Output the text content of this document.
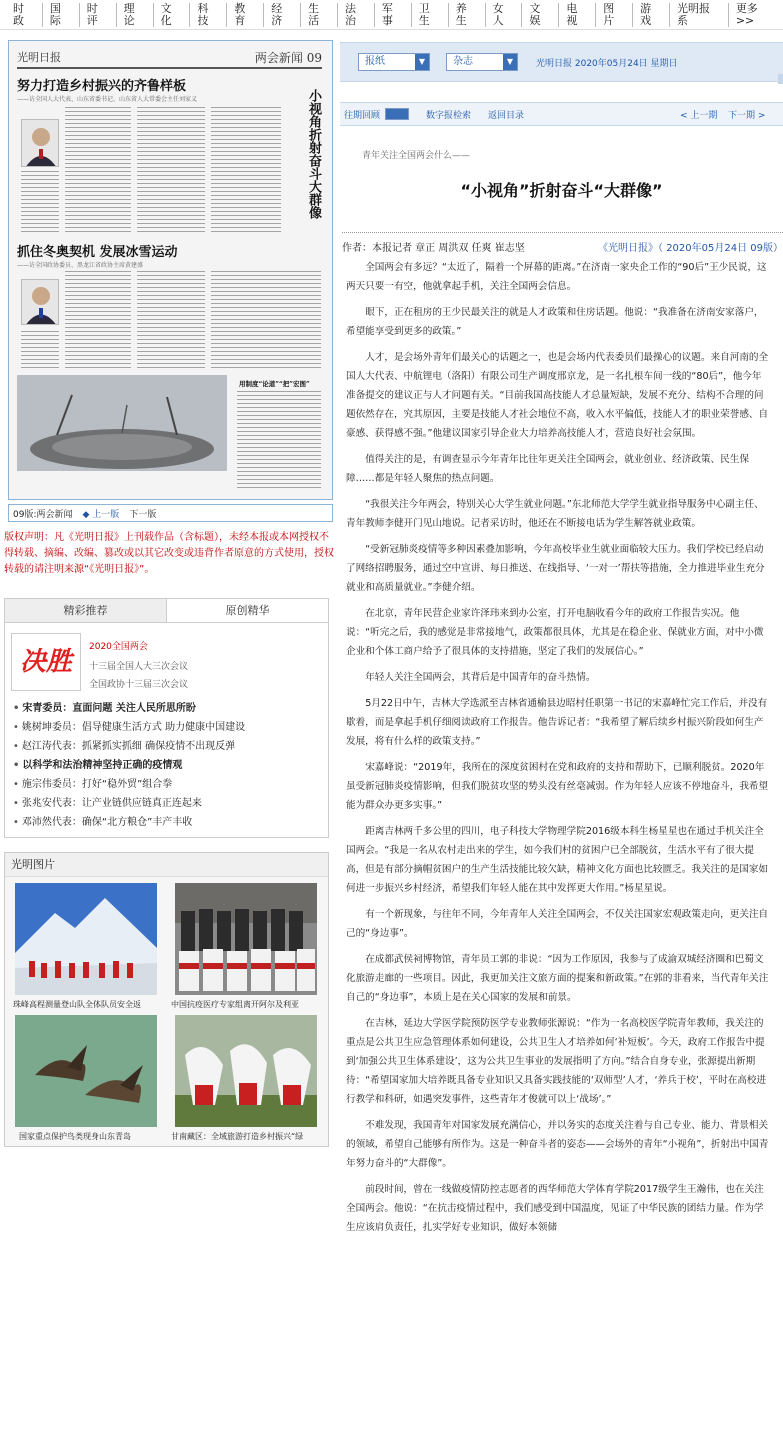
时政
国际
时评
理论
文化
科技
教育
经济
生活
法治
军事
卫生
养生
女人
文娱
电视
图片
游戏
光明报系
更多>>
光明日报	两会新闻 09
努力打造乡村振兴的齐鲁样板
——访全国人大代表、山东省委书记、山东省人大常委会主任刘家义	小视角折射奋斗大群像
抓住冬奥契机 发展冰雪运动
——访全国政协委员、黑龙江省政协主席黄建盛
用制度“论道”“把”宏图”
09版:两会新闻 ◆ 上一版 下一版
版权声明：凡《光明日报》上刊载作品（含标题），未经本报或本网授权不得转载、摘编、改编、篡改或以其它改变或违背作者原意的方式使用，授权转载的请注明来源“《光明日报》”。
精彩推荐	原创精华
决胜	2020全国两会
十三届全国人大三次会议
全国政协十三届三次会议
• 宋青委员：直面问题 关注人民所思所盼
• 姚树坤委员：倡导健康生活方式 助力健康中国建设
• 赵江涛代表：抓紧抓实抓细 确保疫情不出现反弹
• 以科学和法治精神坚持正确的疫情观
• 施宗伟委员：打好“稳外贸”组合拳
• 张兆安代表：让产业链供应链真正连起来
• 邓沛然代表：确保“北方粮仓”丰产丰收
光明图片
珠峰高程测量登山队全体队员安全返	中国抗疫医疗专家组离开阿尔及利亚
国家重点保护鸟类现身山东青岛	甘南藏区：全域旅游打造乡村振兴“绿
报纸	▼	杂志	▼	光明日报 2020年05月24日 星期日
往期回顾	数字报检索 返回目录	< 上一期 下一期 >
青年关注全国两会什么——
“小视角”折射奋斗“大群像”
作者：本报记者 章正 周洪双 任爽 崔志坚	《光明日报》（ 2020年05月24日 09版）

全国两会有多远？“太近了，隔着一个屏幕的距离。”在济南一家央企工作的“90后”王少民说，这两天只要一有空，他就拿起手机，关注全国两会信息。

眼下，正在租房的王少民最关注的就是人才政策和住房话题。他说：“我准备在济南安家落户，希望能享受到更多的政策。”

人才，是会场外青年们最关心的话题之一，也是会场内代表委员们最操心的议题。来自河南的全国人大代表、中航锂电（洛阳）有限公司生产调度邢京龙，是一名扎根车间一线的“80后”，他今年准备提交的建议正与人才问题有关。“目前我国高技能人才总量短缺，发展不充分、结构不合理的问题依然存在，究其原因，主要是技能人才社会地位不高，收入水平偏低，技能人才的职业荣誉感、自豪感、获得感不强。”他建议国家引导企业大力培养高技能人才，营造良好社会氛围。

值得关注的是，有调查显示今年青年比往年更关注全国两会，就业创业、经济政策、民生保障……都是年轻人聚焦的热点问题。

“我很关注今年两会，特别关心大学生就业问题。”东北师范大学学生就业指导服务中心副主任、青年教师李健开门见山地说。记者采访时，他还在不断接电话为学生解答就业政策。

“受新冠肺炎疫情等多种因素叠加影响，今年高校毕业生就业面临较大压力。我们学校已经启动了网络招聘服务，通过空中宣讲、每日推送、在线指导、‘一对一’帮扶等措施，全力推进毕业生充分就业和高质量就业。”李健介绍。

在北京，青年民营企业家许泽玮来到办公室，打开电脑收看今年的政府工作报告实况。他说：“听完之后，我的感觉是非常接地气，政策都很具体，尤其是在稳企业、保就业方面，对中小微企业和个体工商户给予了很具体的支持措施，坚定了我们的发展信心。”

年轻人关注全国两会，其背后是中国青年的奋斗热情。

5月22日中午，吉林大学选派至吉林省通榆县边昭村任职第一书记的宋嘉峰忙完工作后，并没有歇着，而是拿起手机仔细阅读政府工作报告。他告诉记者：“我希望了解后续乡村振兴阶段如何生产发展，将有什么样的政策支持。”

宋嘉峰说：“2019年，我所在的深度贫困村在党和政府的支持和帮助下，已顺利脱贫。2020年虽受新冠肺炎疫情影响，但我们脱贫攻坚的势头没有丝毫减弱。作为年轻人应该不停地奋斗，我希望能为群众办更多实事。”

距离吉林两千多公里的四川，电子科技大学物理学院2016级本科生杨星星也在通过手机关注全国两会。“我是一名从农村走出来的学生，如今我们村的贫困户已全部脱贫，生活水平有了很大提高，但是有部分摘帽贫困户的生产生活技能比较欠缺，精神文化方面也比较匮乏。我关注的是国家如何进一步振兴乡村经济，希望我们年轻人能在其中发挥更大作用。”杨星星说。

有一个新现象，与往年不同，今年青年人关注全国两会，不仅关注国家宏观政策走向，更关注自己的“身边事”。

在成都武侯祠博物馆，青年员工郭的非说：“因为工作原因，我参与了成渝双城经济圈和巴蜀文化旅游走廊的一些项目。因此，我更加关注文旅方面的提案和新政策。”在郭的非看来，当代青年关注自己的“身边事”，本质上是在关心国家的发展和前景。

在吉林，延边大学医学院预防医学专业教师张源说：“作为一名高校医学院青年教师，我关注的重点是公共卫生应急管理体系如何建设，公共卫生人才培养如何‘补短板’。今天，政府工作报告中提到‘加强公共卫生体系建设’，这为公共卫生事业的发展指明了方向。”结合自身专业，张源提出新期待：“希望国家加大培养既具备专业知识又具备实践技能的‘双师型’人才，‘养兵于校’，平时在高校进行教学和科研，如遇突发事件，这些青年才俊就可以上‘战场’。”

不难发现，我国青年对国家发展充满信心，并以务实的态度关注着与自己专业、能力、背景相关的领域，希望自己能够有所作为。这是一种奋斗者的姿态——会场外的青年“小视角”，折射出中国青年努力奋斗的“大群像”。

前段时间，曾在一线做疫情防控志愿者的西华师范大学体育学院2017级学生王瀚伟，也在关注全国两会。他说：“在抗击疫情过程中，我们感受到中国温度，见证了中华民族的团结力量。作为学生应该肩负责任，扎实学好专业知识，做好本领储
